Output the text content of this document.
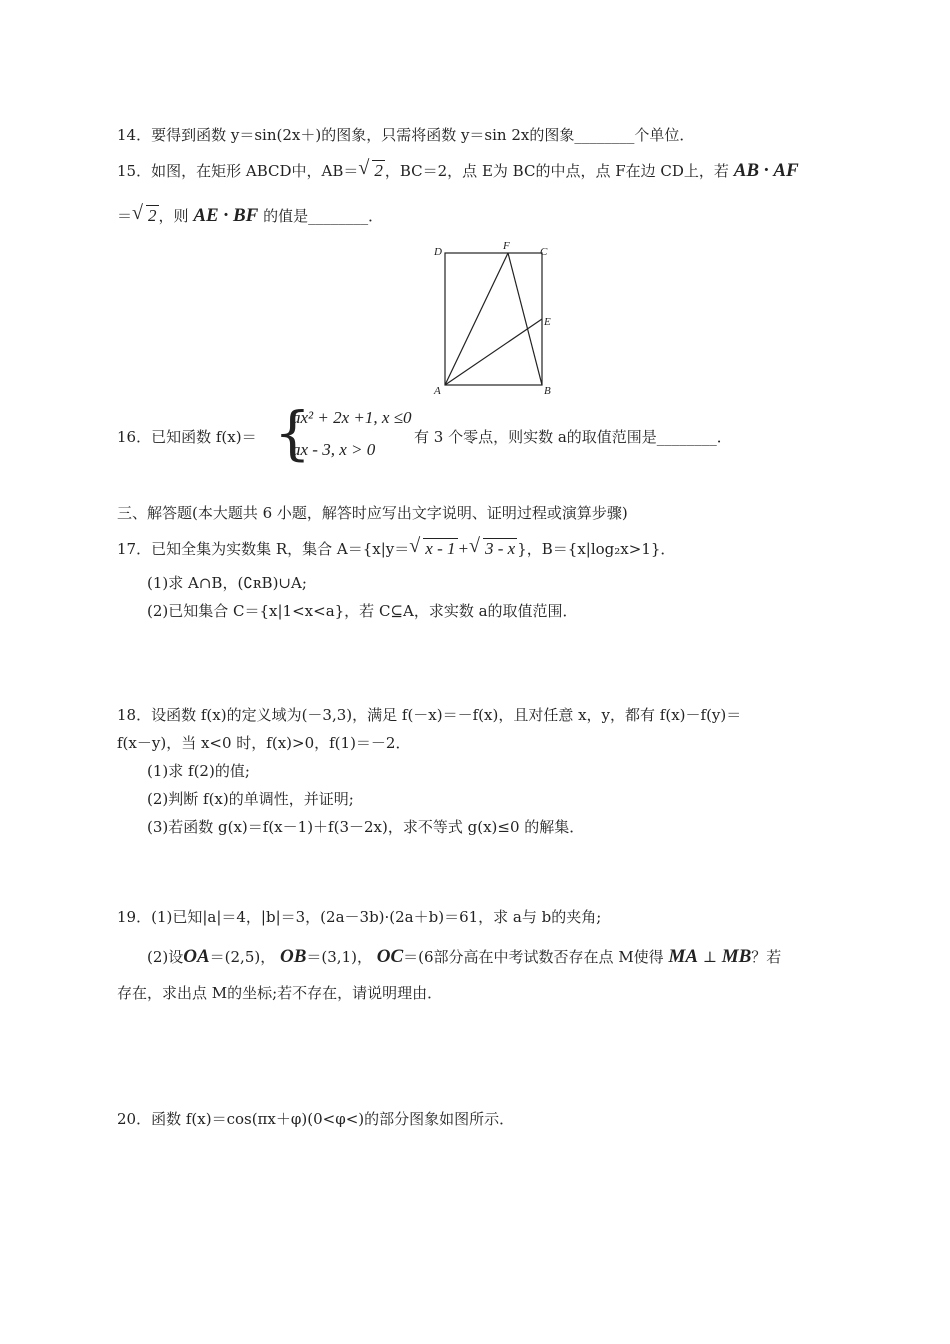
14．要得到函数 y＝sin(2x＋)的图象，只需将函数 y＝sin 2x的图象________个单位．
15．如图，在矩形 ABCD中，AB＝ √ 2 ，BC＝2，点 E为 BC的中点，点 F在边 CD上，若 AB · AF
＝ √ 2 ，则 AE · BF 的值是________．
D	F	C
E
A	B
16．已知函数 f(x)＝ {
ax² + 2x +1, x ≤0
ax - 3, x > 0
有 3 个零点，则实数 a的取值范围是________．
三、解答题(本大题共 6 小题，解答时应写出文字说明、证明过程或演算步骤)
17．已知全集为实数集 R，集合 A＝{x|y＝ √ x - 1 + √ 3 - x }，B＝{x|log₂x>1}．
(1)求 A∩B，(∁ʀB)∪A;
(2)已知集合 C＝{x|1<x<a}，若 C⊆A，求实数 a的取值范围．
18．设函数 f(x)的定义域为(－3,3)，满足 f(－x)＝－f(x)，且对任意 x，y，都有 f(x)－f(y)＝
f(x－y)，当 x<0 时，f(x)>0，f(1)＝－2．
(1)求 f(2)的值;
(2)判断 f(x)的单调性，并证明;
(3)若函数 g(x)＝f(x－1)＋f(3－2x)，求不等式 g(x)≤0 的解集．
19．(1)已知|a|＝4，|b|＝3，(2a－3b)·(2a＋b)＝61，求 a与 b的夹角;
(2)设OA＝(2,5)， OB＝(3,1)， OC＝(6部分高在中考试数否存在点 M使得 MA ⊥ MB？若
存在，求出点 M的坐标;若不存在，请说明理由．
20．函数 f(x)＝cos(πx＋φ)(0<φ<)的部分图象如图所示．
